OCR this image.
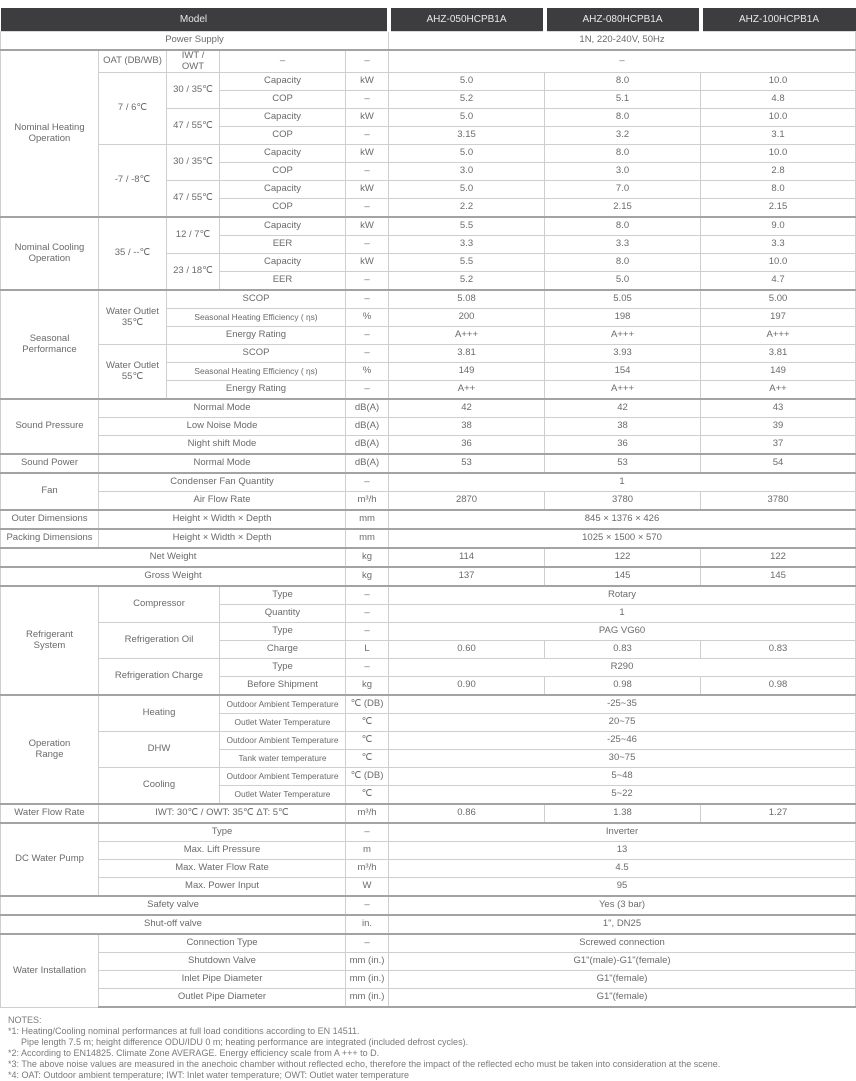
Model					AHZ-050HCPB1A	AHZ-080HCPB1A	AHZ-100HCPB1A
Power Supply					1N, 220-240V, 50Hz		
Nominal Heating
Operation	OAT (DB/WB)	IWT / OWT	–	–	–		
	7 / 6℃	30 / 35℃	Capacity	kW	5.0	8.0	10.0
			COP	–	5.2	5.1	4.8
		47 / 55℃	Capacity	kW	5.0	8.0	10.0
			COP	–	3.15	3.2	3.1
	-7 / -8℃	30 / 35℃	Capacity	kW	5.0	8.0	10.0
			COP	–	3.0	3.0	2.8
		47 / 55℃	Capacity	kW	5.0	7.0	8.0
			COP	–	2.2	2.15	2.15
Nominal Cooling
Operation	35 / --℃	12 / 7℃	Capacity	kW	5.5	8.0	9.0
			EER	–	3.3	3.3	3.3
		23 / 18℃	Capacity	kW	5.5	8.0	10.0
			EER	–	5.2	5.0	4.7
Seasonal
Performance	Water Outlet 35℃	SCOP		–	5.08	5.05	5.00
		Seasonal Heating Efficiency ( ηs)		%	200	198	197
		Energy Rating		–	A+++	A+++	A+++
	Water Outlet 55℃	SCOP		–	3.81	3.93	3.81
		Seasonal Heating Efficiency ( ηs)		%	149	154	149
		Energy Rating		–	A++	A+++	A++
Sound Pressure	Normal Mode			dB(A)	42	42	43
	Low Noise Mode			dB(A)	38	38	39
	Night shift Mode			dB(A)	36	36	37
Sound Power	Normal Mode			dB(A)	53	53	54
Fan	Condenser Fan Quantity			–	1		
	Air Flow Rate			m³/h	2870	3780	3780
Outer Dimensions	Height × Width × Depth			mm	845 × 1376 × 426		
Packing Dimensions	Height × Width × Depth			mm	1025 × 1500 × 570		
Net Weight				kg	114	122	122
Gross Weight				kg	137	145	145
Refrigerant
System	Compressor		Type	–	Rotary		
			Quantity	–	1		
	Refrigeration Oil		Type	–	PAG VG60		
			Charge	L	0.60	0.83	0.83
	Refrigeration Charge		Type	–	R290		
			Before Shipment	kg	0.90	0.98	0.98
Operation
Range	Heating		Outdoor Ambient Temperature	℃ (DB)	-25~35		
			Outlet Water Temperature	℃	20~75		
	DHW		Outdoor Ambient Temperature	℃	-25~46		
			Tank water temperature	℃	30~75		
	Cooling		Outdoor Ambient Temperature	℃ (DB)	5~48		
			Outlet Water Temperature	℃	5~22		
Water Flow Rate	IWT: 30℃ / OWT: 35℃ ΔT: 5℃			m³/h	0.86	1.38	1.27
DC Water Pump	Type			–	Inverter		
	Max. Lift Pressure			m	13		
	Max. Water Flow Rate			m³/h	4.5		
	Max. Power Input			W	95		
Safety valve				–	Yes (3 bar)		
Shut-off valve				in.	1", DN25		
Water Installation	Connection Type			–	Screwed connection		
	Shutdown Valve			mm (in.)	G1"(male)-G1"(female)		
	Inlet Pipe Diameter			mm (in.)	G1"(female)		
	Outlet Pipe Diameter			mm (in.)	G1"(female)		
NOTES:
*1: Heating/Cooling nominal performances at full load conditions according to EN 14511.
Pipe length 7.5 m; height difference ODU/IDU 0 m; heating performance are integrated (included defrost cycles).
*2: According to EN14825. Climate Zone AVERAGE. Energy efficiency scale from A +++ to D.
*3: The above noise values are measured in the anechoic chamber without reflected echo, therefore the impact of the reflected echo must be taken into consideration at the scene.
*4: OAT: Outdoor ambient temperature; IWT: Inlet water temperature; OWT: Outlet water temperature
